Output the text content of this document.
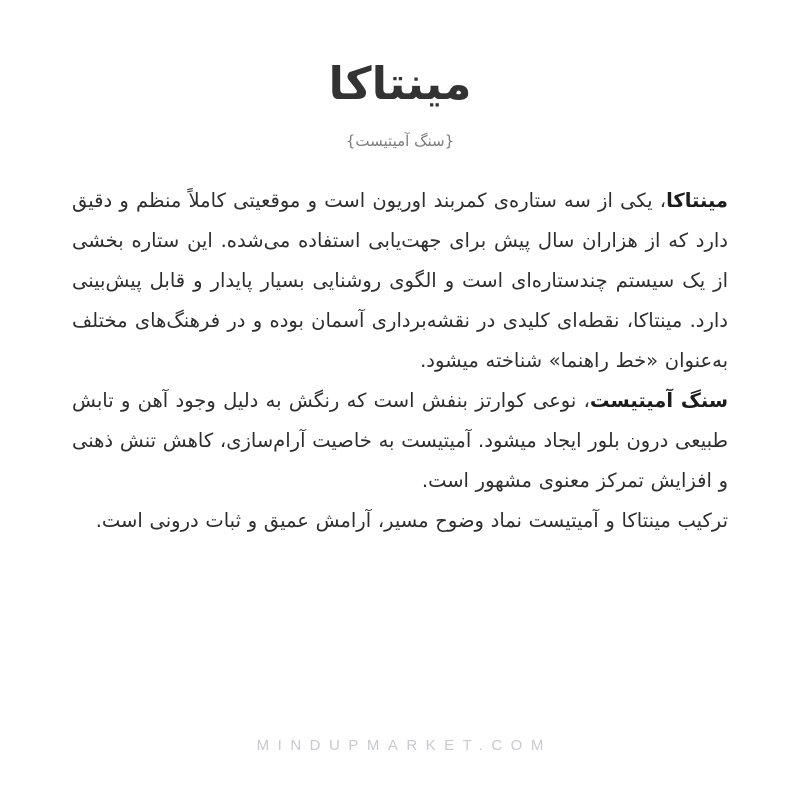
مینتاکا
{سنگ آمیتیست}

مینتاکا، یکی از سه ستاره‌ی کمربند اوریون است و موقعیتی کاملاً منظم و دقیق دارد که از هزاران سال پیش برای جهت‌یابی استفاده می‌شده. این ستاره بخشی از یک سیستم چندستاره‌ای است و الگوی روشنایی بسیار پایدار و قابل پیش‌بینی دارد. مینتاکا، نقطه‌ای کلیدی در نقشه‌برداری آسمان بوده و در فرهنگ‌های مختلف به‌عنوان «خط راهنما» شناخته میشود.

سنگ آمیتیست، نوعی کوارتز بنفش است که رنگش به دلیل وجود آهن و تابش طبیعی درون بلور ایجاد میشود. آمیتیست به خاصیت آرام‌سازی، کاهش تنش ذهنی و افزایش تمرکز معنوی مشهور است.

ترکیب مینتاکا و آمیتیست نماد وضوح مسیر، آرامش عمیق و ثبات درونی است.

MINDUPMARKET.COM
